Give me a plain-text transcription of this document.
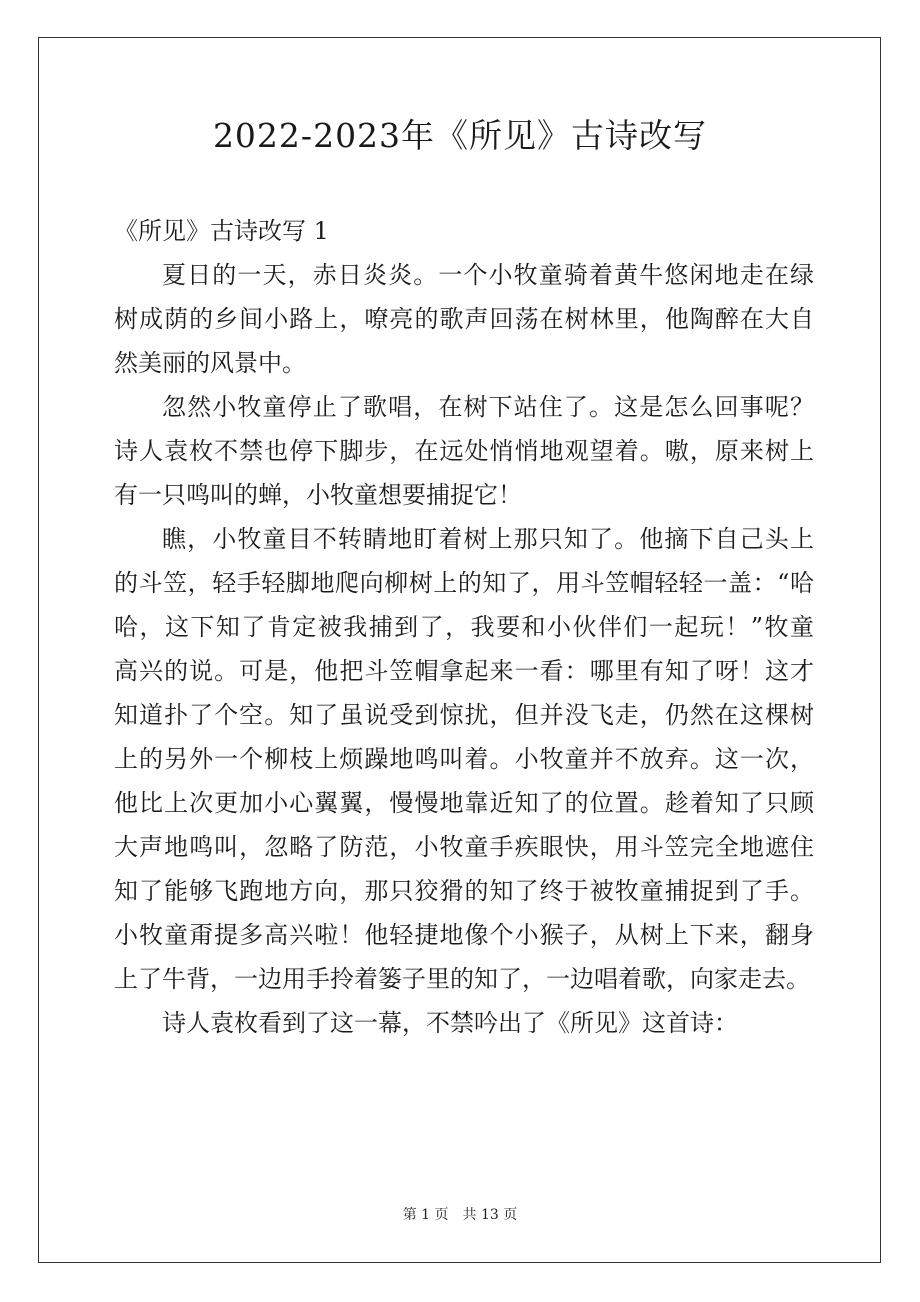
2022-2023年《所见》古诗改写
《所见》古诗改写 1
夏日的一天，赤日炎炎。一个小牧童骑着黄牛悠闲地走在绿
树成荫的乡间小路上，嘹亮的歌声回荡在树林里，他陶醉在大自
然美丽的风景中。
忽然小牧童停止了歌唱，在树下站住了。这是怎么回事呢？
诗人袁枚不禁也停下脚步，在远处悄悄地观望着。嗷，原来树上
有一只鸣叫的蝉，小牧童想要捕捉它！
瞧，小牧童目不转睛地盯着树上那只知了。他摘下自己头上
的斗笠，轻手轻脚地爬向柳树上的知了，用斗笠帽轻轻一盖：“哈
哈，这下知了肯定被我捕到了，我要和小伙伴们一起玩！”牧童
高兴的说。可是，他把斗笠帽拿起来一看：哪里有知了呀！这才
知道扑了个空。知了虽说受到惊扰，但并没飞走，仍然在这棵树
上的另外一个柳枝上烦躁地鸣叫着。小牧童并不放弃。这一次，
他比上次更加小心翼翼，慢慢地靠近知了的位置。趁着知了只顾
大声地鸣叫，忽略了防范，小牧童手疾眼快，用斗笠完全地遮住
知了能够飞跑地方向，那只狡猾的知了终于被牧童捕捉到了手。
小牧童甭提多高兴啦！他轻捷地像个小猴子，从树上下来，翻身
上了牛背，一边用手拎着篓子里的知了，一边唱着歌，向家走去。
诗人袁枚看到了这一幕，不禁吟出了《所见》这首诗：
第 1 页　共 13 页
